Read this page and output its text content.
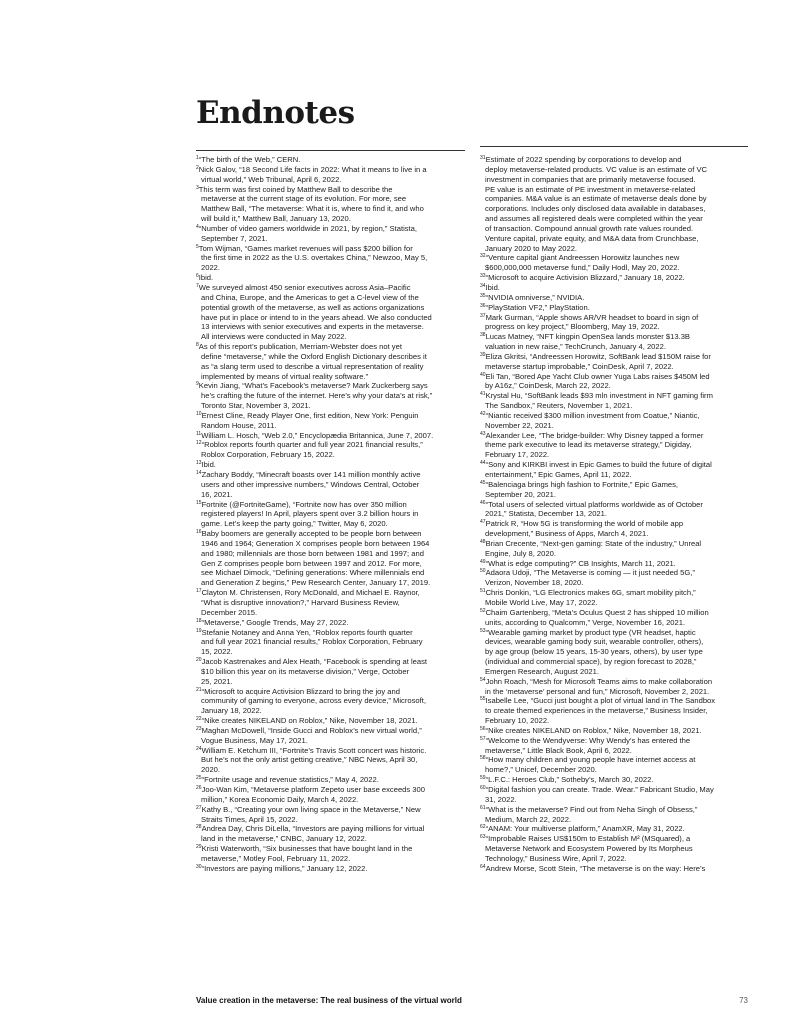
Endnotes

$^1$“The birth of the Web,” CERN.

$^2$Nick Galov, “18 Second Life facts in 2022: What it means to live in a
virtual world,” Web Tribunal, April 6, 2022.

$^3$This term was first coined by Matthew Ball to describe the
metaverse at the current stage of its evolution. For more, see
Matthew Ball, “The metaverse: What it is, where to find it, and who
will build it,” Matthew Ball, January 13, 2020.

$^4$“Number of video gamers worldwide in 2021, by region,” Statista,
September 7, 2021.

$^5$Tom Wijman, “Games market revenues will pass $200 billion for
the first time in 2022 as the U.S. overtakes China,” Newzoo, May 5,
2022.

$^6$Ibid.

$^7$We surveyed almost 450 senior executives across Asia–Pacific
and China, Europe, and the Americas to get a C-level view of the
potential growth of the metaverse, as well as actions organizations
have put in place or intend to in the years ahead. We also conducted
13 interviews with senior executives and experts in the metaverse.
All interviews were conducted in May 2022.

$^8$As of this report’s publication, Merriam-Webster does not yet
define “metaverse,” while the Oxford English Dictionary describes it
as “a slang term used to describe a virtual representation of reality
implemented by means of virtual reality software.”

$^9$Kevin Jiang, “What’s Facebook’s metaverse? Mark Zuckerberg says
he’s crafting the future of the internet. Here’s why your data’s at risk,”
Toronto Star, November 3, 2021.

$^{10}$Ernest Cline, Ready Player One, first edition, New York: Penguin
Random House, 2011.

$^{11}$William L. Hosch, “Web 2.0,” Encyclopædia Britannica, June 7, 2007.

$^{12}$“Roblox reports fourth quarter and full year 2021 financial results,”
Roblox Corporation, February 15, 2022.

$^{13}$Ibid.

$^{14}$Zachary Boddy, “Minecraft boasts over 141 million monthly active
users and other impressive numbers,” Windows Central, October
16, 2021.

$^{15}$Fortnite (@FortniteGame), “Fortnite now has over 350 million
registered players! In April, players spent over 3.2 billion hours in
game. Let’s keep the party going,” Twitter, May 6, 2020.

$^{16}$Baby boomers are generally accepted to be people born between
1946 and 1964; Generation X comprises people born between 1964
and 1980; millennials are those born between 1981 and 1997; and
Gen Z comprises people born between 1997 and 2012. For more,
see Michael Dimock, “Defining generations: Where millennials end
and Generation Z begins,” Pew Research Center, January 17, 2019.

$^{17}$Clayton M. Christensen, Rory McDonald, and Michael E. Raynor,
“What is disruptive innovation?,” Harvard Business Review,
December 2015.

$^{18}$“Metaverse,” Google Trends, May 27, 2022.

$^{19}$Stefanie Notaney and Anna Yen, “Roblox reports fourth quarter
and full year 2021 financial results,” Roblox Corporation, February
15, 2022.

$^{20}$Jacob Kastrenakes and Alex Heath, “Facebook is spending at least
$10 billion this year on its metaverse division,” Verge, October
25, 2021.

$^{21}$“Microsoft to acquire Activision Blizzard to bring the joy and
community of gaming to everyone, across every device,” Microsoft,
January 18, 2022.

$^{22}$“Nike creates NIKELAND on Roblox,” Nike, November 18, 2021.

$^{23}$Maghan McDowell, “Inside Gucci and Roblox’s new virtual world,”
Vogue Business, May 17, 2021.

$^{24}$William E. Ketchum III, “Fortnite’s Travis Scott concert was historic.
But he’s not the only artist getting creative,” NBC News, April 30,
2020.

$^{25}$“Fortnite usage and revenue statistics,” May 4, 2022.

$^{26}$Joo-Wan Kim, “Metaverse platform Zepeto user base exceeds 300
million,” Korea Economic Daily, March 4, 2022.

$^{27}$Kathy B., “Creating your own living space in the Metaverse,” New
Straits Times, April 15, 2022.

$^{28}$Andrea Day, Chris DiLella, “Investors are paying millions for virtual
land in the metaverse,” CNBC, January 12, 2022.

$^{29}$Kristi Waterworth, “Six businesses that have bought land in the
metaverse,” Motley Fool, February 11, 2022.

$^{30}$“Investors are paying millions,” January 12, 2022.

$^{31}$Estimate of 2022 spending by corporations to develop and
deploy metaverse-related products. VC value is an estimate of VC
investment in companies that are primarily metaverse focused.
PE value is an estimate of PE investment in metaverse-related
companies. M&A value is an estimate of metaverse deals done by
corporations. Includes only disclosed data available in databases,
and assumes all registered deals were completed within the year
of transaction. Compound annual growth rate values rounded.
Venture capital, private equity, and M&A data from Crunchbase,
January 2020 to May 2022.

$^{32}$“Venture capital giant Andreessen Horowitz launches new
$600,000,000 metaverse fund,” Daily Hodl, May 20, 2022.

$^{33}$“Microsoft to acquire Activision Blizzard,” January 18, 2022.

$^{34}$Ibid.

$^{35}$“NVIDIA omniverse,” NVIDIA.

$^{36}$“PlayStation VF2,” PlayStation.

$^{37}$Mark Gurman, “Apple shows AR/VR headset to board in sign of
progress on key project,” Bloomberg, May 19, 2022.

$^{38}$Lucas Matney, “NFT kingpin OpenSea lands monster $13.3B
valuation in new raise,” TechCrunch, January 4, 2022.

$^{39}$Eliza Gkritsi, “Andreessen Horowitz, SoftBank lead $150M raise for
metaverse startup improbable,” CoinDesk, April 7, 2022.

$^{40}$Eli Tan, “Bored Ape Yacht Club owner Yuga Labs raises $450M led
by A16z,” CoinDesk, March 22, 2022.

$^{41}$Krystal Hu, “SoftBank leads $93 mln investment in NFT gaming firm
The Sandbox,” Reuters, November 1, 2021.

$^{42}$“Niantic received $300 million investment from Coatue,” Niantic,
November 22, 2021.

$^{43}$Alexander Lee, “The bridge-builder: Why Disney tapped a former
theme park executive to lead its metaverse strategy,” Digiday,
February 17, 2022.

$^{44}$“Sony and KIRKBI invest in Epic Games to build the future of digital
entertainment,” Epic Games, April 11, 2022.

$^{45}$“Balenciaga brings high fashion to Fortnite,” Epic Games,
September 20, 2021.

$^{46}$“Total users of selected virtual platforms worldwide as of October
2021,” Statista, December 13, 2021.

$^{47}$Patrick R, “How 5G is transforming the world of mobile app
development,” Business of Apps, March 4, 2021.

$^{48}$Brian Crecente, “Next-gen gaming: State of the industry,” Unreal
Engine, July 8, 2020.

$^{49}$“What is edge computing?” CB Insights, March 11, 2021.

$^{50}$Adaora Udoji, “The Metaverse is coming — it just needed 5G,”
Verizon, November 18, 2020.

$^{51}$Chris Donkin, “LG Electronics makes 6G, smart mobility pitch,”
Mobile World Live, May 17, 2022.

$^{52}$Chaim Gartenberg, “Meta’s Oculus Quest 2 has shipped 10 million
units, according to Qualcomm,” Verge, November 16, 2021.

$^{53}$“Wearable gaming market by product type (VR headset, haptic
devices, wearable gaming body suit, wearable controller, others),
by age group (below 15 years, 15-30 years, others), by user type
(individual and commercial space), by region forecast to 2028,”
Emergen Research, August 2021.

$^{54}$John Roach, “Mesh for Microsoft Teams aims to make collaboration
in the ‘metaverse’ personal and fun,” Microsoft, November 2, 2021.

$^{55}$Isabelle Lee, “Gucci just bought a plot of virtual land in The Sandbox
to create themed experiences in the metaverse,” Business Insider,
February 10, 2022.

$^{56}$“Nike creates NIKELAND on Roblox,” Nike, November 18, 2021.

$^{57}$“Welcome to the Wendyverse: Why Wendy’s has entered the
metaverse,” Little Black Book, April 6, 2022.

$^{58}$“How many children and young people have internet access at
home?,” Unicef, December 2020.

$^{59}$“L.F.C.: Heroes Club,” Sotheby’s, March 30, 2022.

$^{60}$“Digital fashion you can create. Trade. Wear.” Fabricant Studio, May
31, 2022.

$^{61}$“What is the metaverse? Find out from Neha Singh of Obsess,”
Medium, March 22, 2022.

$^{62}$“ANAM: Your multiverse platform,” AnamXR, May 31, 2022.

$^{63}$“Improbable Raises US$150m to Establish M² (MSquared), a
Metaverse Network and Ecosystem Powered by Its Morpheus
Technology,” Business Wire, April 7, 2022.

$^{64}$Andrew Morse, Scott Stein, “The metaverse is on the way: Here’s

Value creation in the metaverse: The real business of the virtual world	73
